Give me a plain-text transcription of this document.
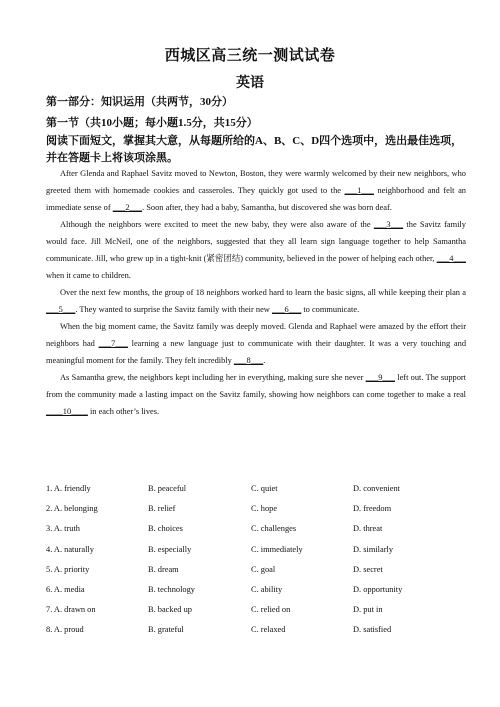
西城区高三统一测试试卷
英语
第一部分：知识运用（共两节，30分）
第一节（共10小题；每小题1.5分，共15分）
阅读下面短文，掌握其大意，从每题所给的A、B、C、D四个选项中，选出最佳选项，并在答题卡上将该项涂黑。

After Glenda and Raphael Savitz moved to Newton, Boston, they were warmly welcomed by their new neighbors, who greeted them with homemade cookies and casseroles. They quickly got used to the ___1___ neighborhood and felt an immediate sense of ___2___. Soon after, they had a baby, Samantha, but discovered she was born deaf.

Although the neighbors were excited to meet the new baby, they were also aware of the ___3___ the Savitz family would face. Jill McNeil, one of the neighbors, suggested that they all learn sign language together to help Samantha communicate. Jill, who grew up in a tight-knit (紧密团结) community, believed in the power of helping each other, ___4___ when it came to children.

Over the next few months, the group of 18 neighbors worked hard to learn the basic signs, all while keeping their plan a ___5___. They wanted to surprise the Savitz family with their new ___6___ to communicate.

When the big moment came, the Savitz family was deeply moved. Glenda and Raphael were amazed by the effort their neighbors had ___7___ learning a new language just to communicate with their daughter. It was a very touching and meaningful moment for the family. They felt incredibly ___8___.

As Samantha grew, the neighbors kept including her in everything, making sure she never ___9___ left out. The support from the community made a lasting impact on the Savitz family, showing how neighbors can come together to make a real ____10____ in each other’s lives.

1. A. friendly	B. peaceful	C. quiet	D. convenient
2. A. belonging	B. relief	C. hope	D. freedom
3. A. truth	B. choices	C. challenges	D. threat
4. A. naturally	B. especially	C. immediately	D. similarly
5. A. priority	B. dream	C. goal	D. secret
6. A. media	B. technology	C. ability	D. opportunity
7. A. drawn on	B. backed up	C. relied on	D. put in
8. A. proud	B. grateful	C. relaxed	D. satisfied
